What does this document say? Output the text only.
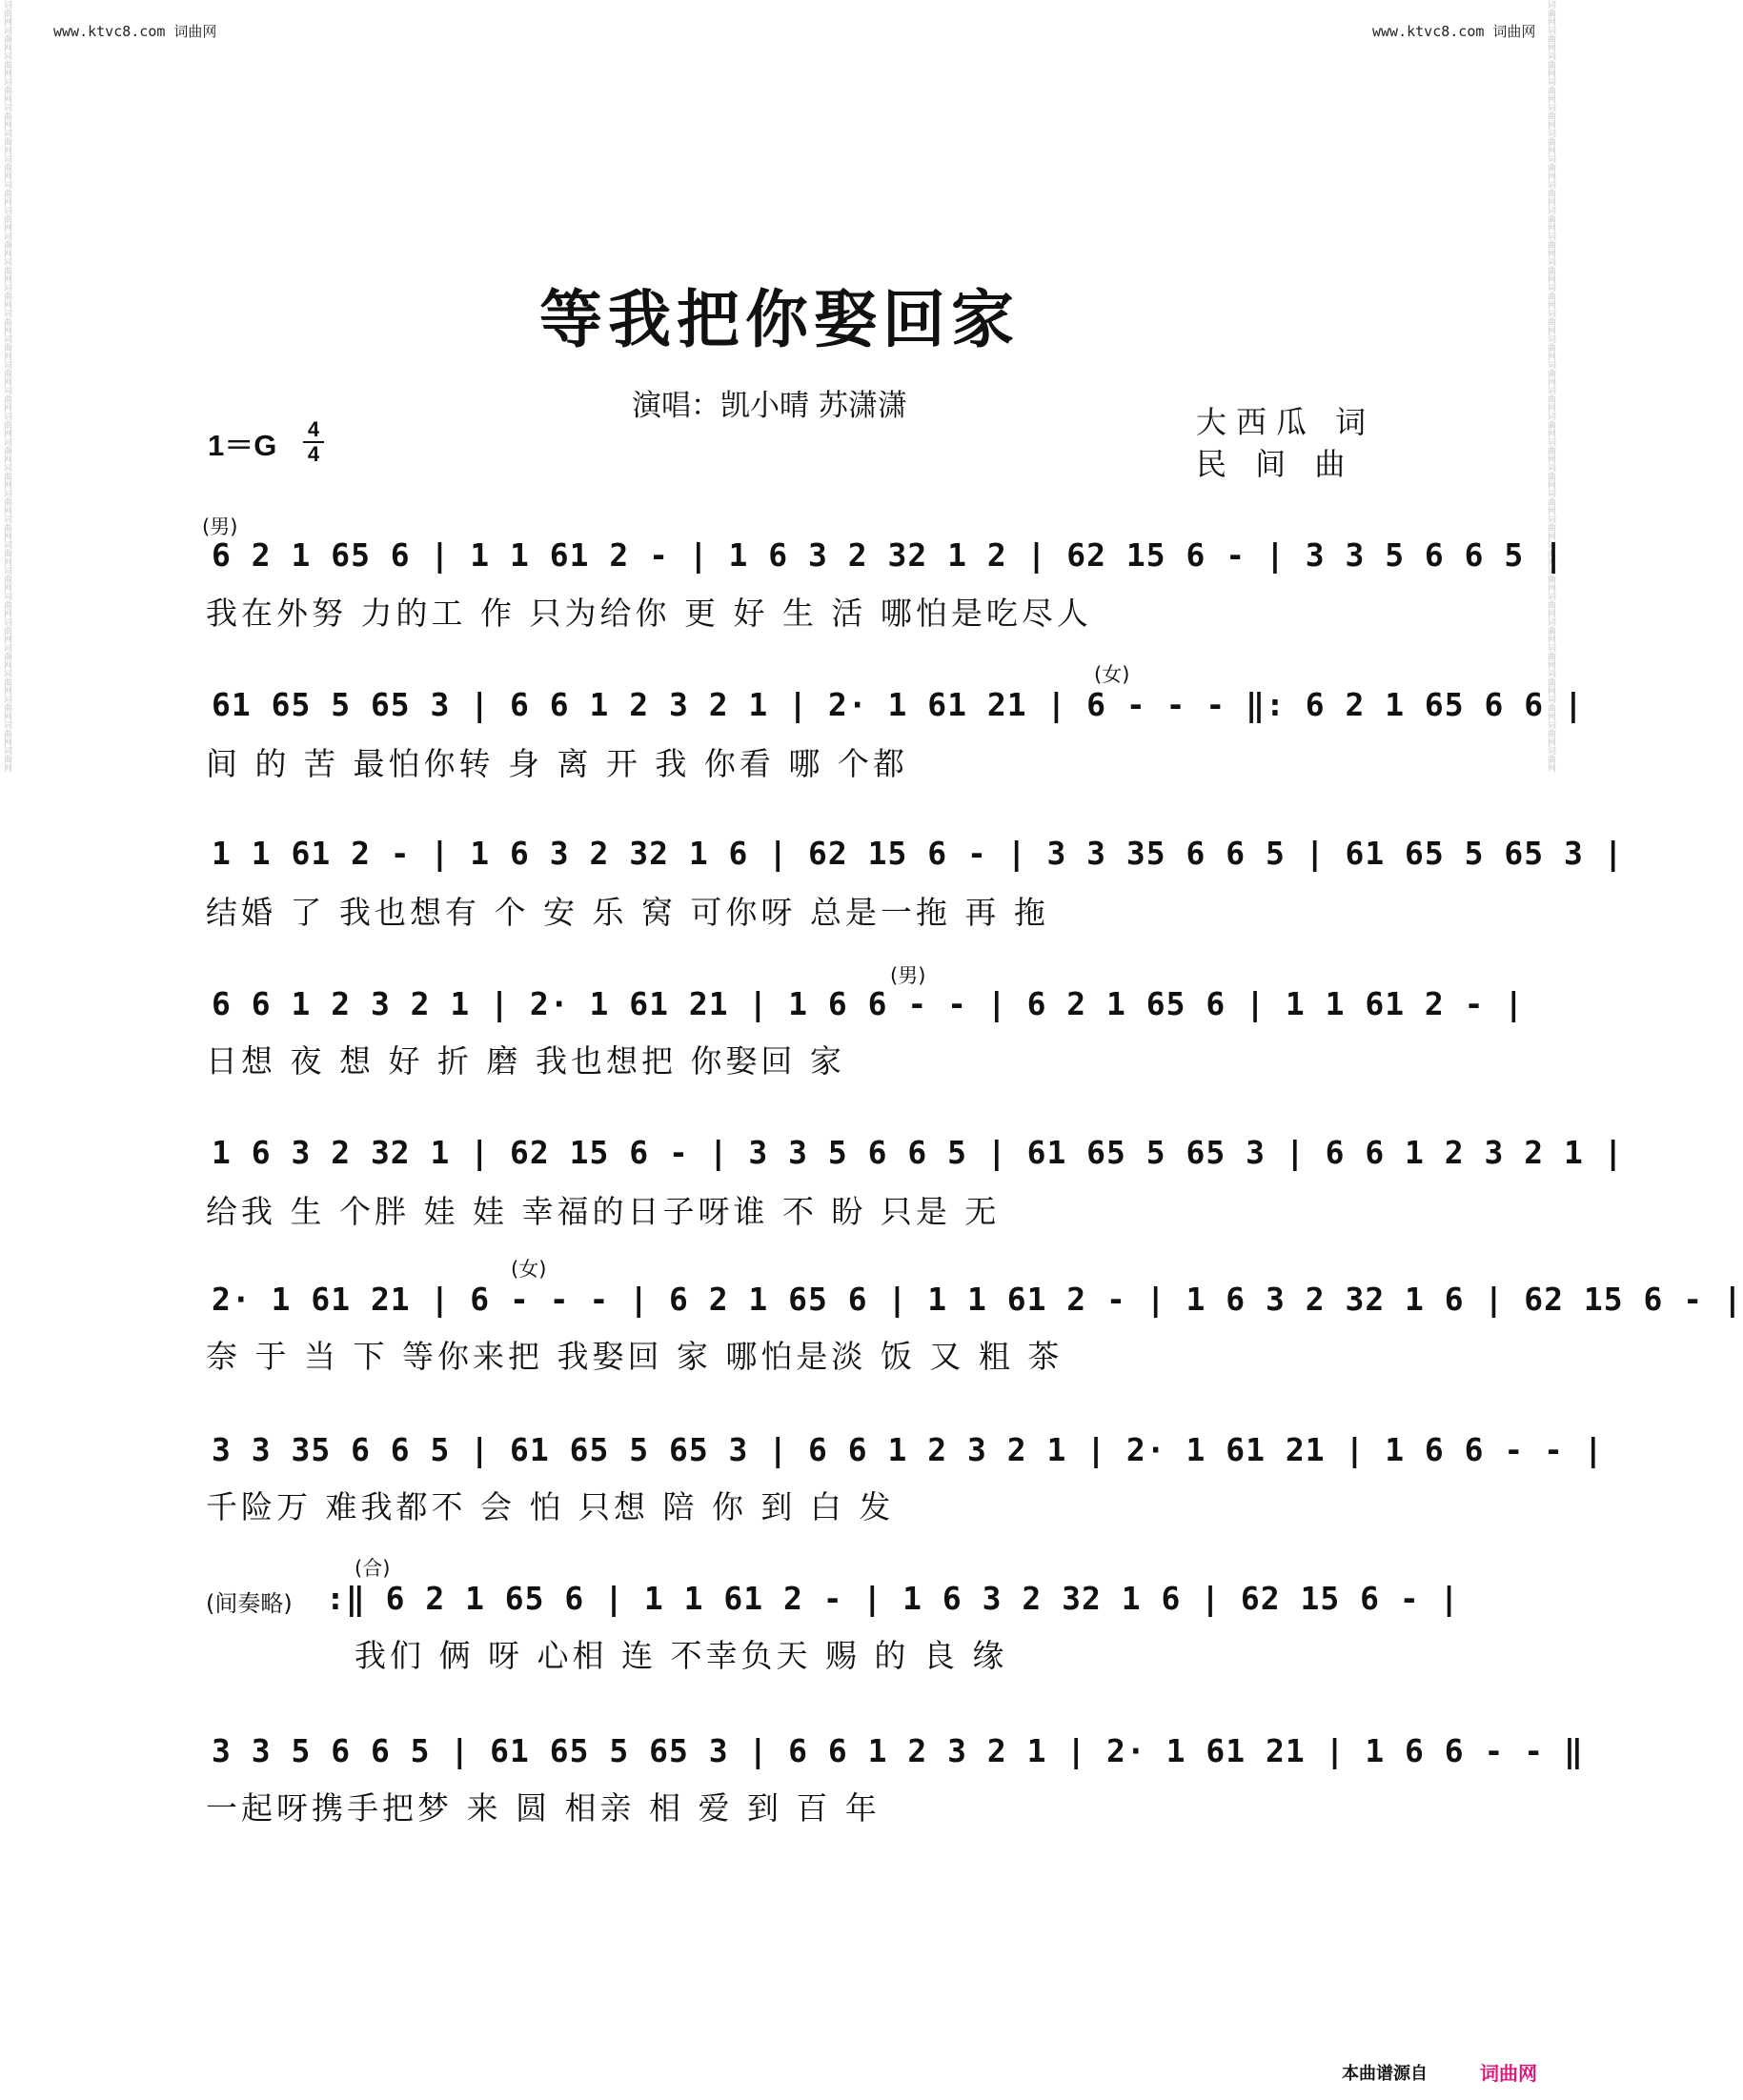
词曲网词曲网词曲网词曲网词曲网词曲网词曲网词曲网词曲网词曲网词曲网词曲网词曲网词曲网词曲网词曲网词曲网词曲网词曲网词曲网词曲网词曲网词曲网词曲网词曲网词曲网词曲网词曲网词曲网词曲网	词曲网词曲网词曲网词曲网词曲网词曲网词曲网词曲网词曲网词曲网词曲网词曲网词曲网词曲网词曲网词曲网词曲网词曲网词曲网词曲网词曲网词曲网词曲网词曲网词曲网词曲网词曲网词曲网词曲网词曲网
www.ktvc8.com 词曲网	www.ktvc8.com 词曲网
等我把你娶回家
演唱：凯小晴 苏潇潇	大西瓜 词
民 间 曲
1＝G 4
4
(男)
(女)
(男)
(女)
(合)
(间奏略)
6 2 1 65 6 | 1 1 61 2 - | 1 6 3 2 32 1 2 | 62 15 6 - | 3 3 5 6 6 5 |
我在外努 力的工 作 只为给你 更 好 生 活 哪怕是吃尽人
61 65 5 65 3 | 6 6 1 2 3 2 1 | 2· 1 61 21 | 6 - - - ‖: 6 2 1 65 6 6 |
间 的 苦 最怕你转 身 离 开 我 你看 哪 个都
1 1 61 2 - | 1 6 3 2 32 1 6 | 62 15 6 - | 3 3 35 6 6 5 | 61 65 5 65 3 |
结婚 了 我也想有 个 安 乐 窝 可你呀 总是一拖 再 拖
6 6 1 2 3 2 1 | 2· 1 61 21 | 1 6 6 - - | 6 2 1 65 6 | 1 1 61 2 - |
日想 夜 想 好 折 磨 我也想把 你娶回 家
1 6 3 2 32 1 | 62 15 6 - | 3 3 5 6 6 5 | 61 65 5 65 3 | 6 6 1 2 3 2 1 |
给我 生 个胖 娃 娃 幸福的日子呀谁 不 盼 只是 无
2· 1 61 21 | 6 - - - | 6 2 1 65 6 | 1 1 61 2 - | 1 6 3 2 32 1 6 | 62 15 6 - |
奈 于 当 下 等你来把 我娶回 家 哪怕是淡 饭 又 粗 茶
3 3 35 6 6 5 | 61 65 5 65 3 | 6 6 1 2 3 2 1 | 2· 1 61 21 | 1 6 6 - - |
千险万 难我都不 会 怕 只想 陪 你 到 白 发
:‖ 6 2 1 65 6 | 1 1 61 2 - | 1 6 3 2 32 1 6 | 62 15 6 - |
我们 俩 呀 心相 连 不幸负天 赐 的 良 缘
3 3 5 6 6 5 | 61 65 5 65 3 | 6 6 1 2 3 2 1 | 2· 1 61 21 | 1 6 6 - - ‖
一起呀携手把梦 来 圆 相亲 相 爱 到 百 年
本曲谱源自	词曲网
